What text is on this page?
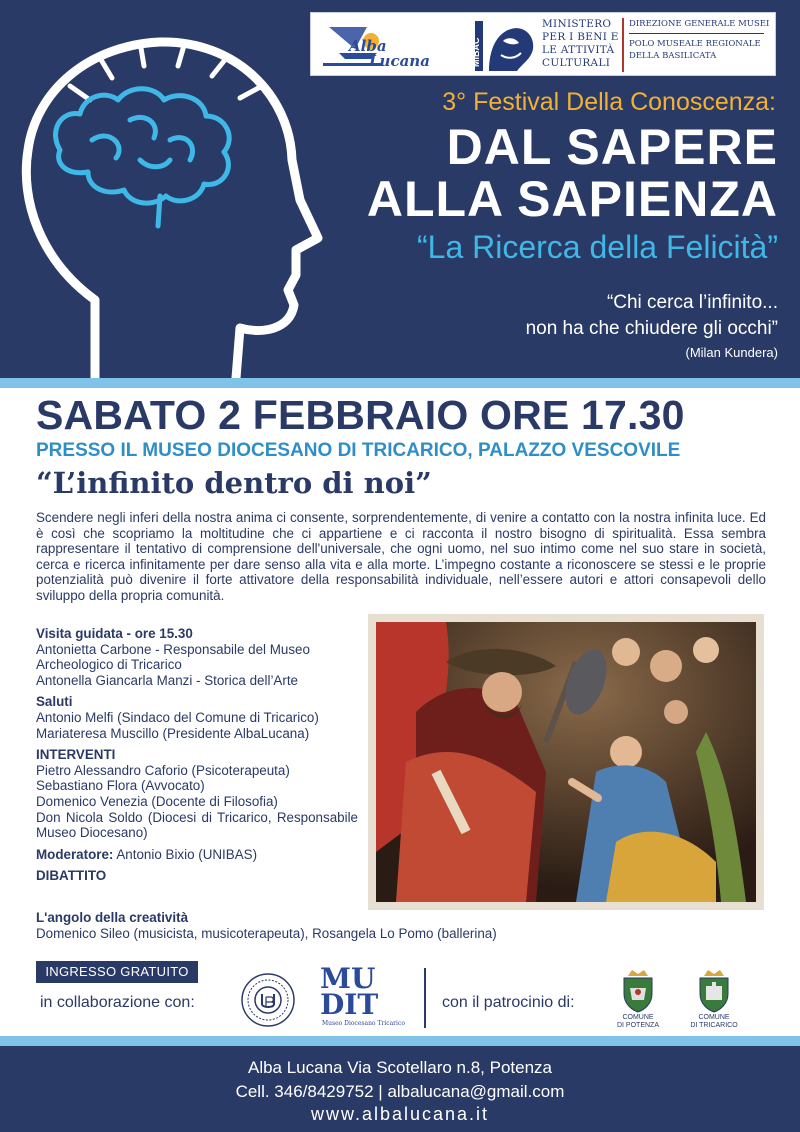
Alba
Lucana	MiBAC
MINISTERO
PER I BENI E
LE ATTIVITÀ
CULTURALI
DIREZIONE GENERALE MUSEI
POLO MUSEALE REGIONALE
DELLA BASILICATA
3° Festival Della Conoscenza:
DAL SAPERE
ALLA SAPIENZA
“La Ricerca della Felicità”
“Chi cerca l’infinito...
non ha che chiudere gli occhi”
(Milan Kundera)
SABATO 2 FEBBRAIO ORE 17.30
PRESSO IL MUSEO DIOCESANO DI TRICARICO, PALAZZO VESCOVILE
“L’infinito dentro di noi”

Scendere negli inferi della nostra anima ci consente, sorprendentemente, di venire a contatto con la nostra infinita luce. Ed è così che scopriamo la moltitudine che ci appartiene e ci racconta il nostro bisogno di spiritualità. Essa sembra rappresentare il tentativo di comprensione dell'universale, che ogni uomo, nel suo intimo come nel suo stare in società, cerca e ricerca infinitamente per dare senso alla vita e alla morte. L’impegno costante a riconoscere se stessi e le proprie potenzialità può divenire il forte attivatore della responsabilità individuale, nell’essere autori e attori consapevoli dello sviluppo della propria comunità.

Visita guidata - ore 15.30
Antonietta Carbone - Responsabile del Museo Archeologico di Tricarico
Antonella Giancarla Manzi - Storica dell’Arte
Saluti
Antonio Melfi (Sindaco del Comune di Tricarico)
Mariateresa Muscillo (Presidente AlbaLucana)
INTERVENTI
Pietro Alessandro Caforio (Psicoterapeuta)
Sebastiano Flora (Avvocato)
Domenico Venezia (Docente di Filosofia)
Don Nicola Soldo (Diocesi di Tricarico, Responsabile Museo Diocesano)
Moderatore: Antonio Bixio (UNIBAS)
DIBATTITO
L'angolo della creatività
Domenico Sileo (musicista, musicoterapeuta), Rosangela Lo Pomo (ballerina)
INGRESSO GRATUITO
in collaborazione con:
MU
DIT
Museo Diocesano Tricarico
con il patrocinio di:
COMUNE
DI POTENZA
COMUNE
DI TRICARICO
Alba Lucana Via Scotellaro n.8, Potenza
Cell. 346/8429752 | albalucana@gmail.com
www.albalucana.it
